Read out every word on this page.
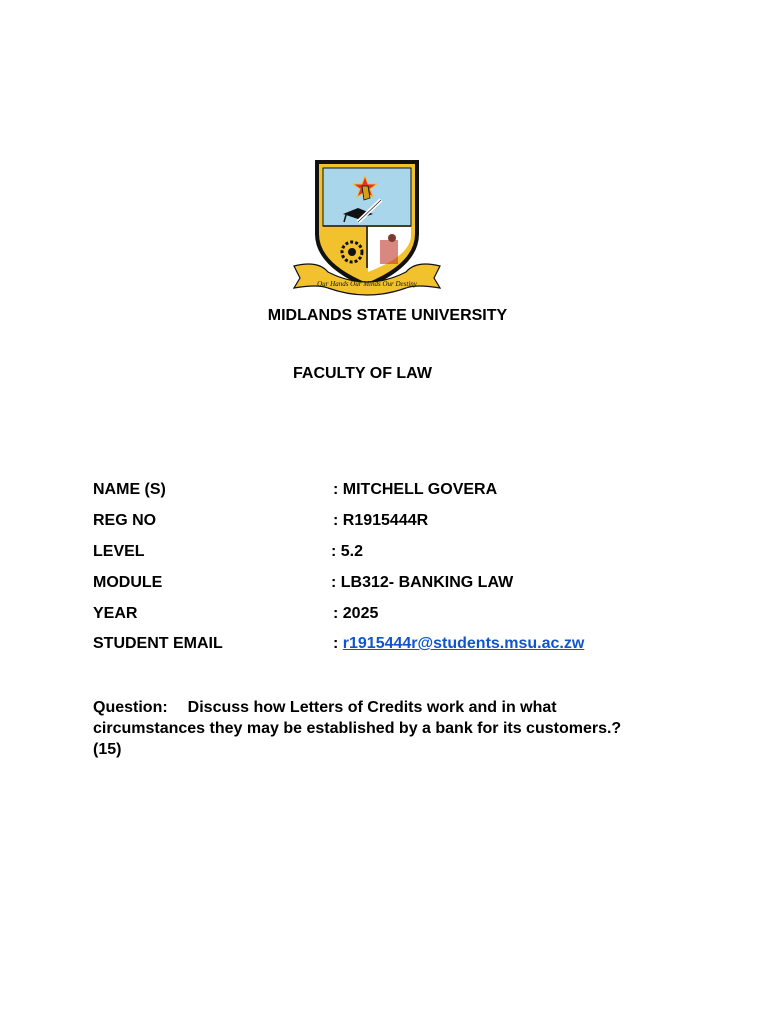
Our Hands Our Minds Our Destiny
MIDLANDS STATE UNIVERSITY
FACULTY OF LAW
NAME (S)	: MITCHELL GOVERA
REG NO	: R1915444R
LEVEL	: 5.2
MODULE	: LB312- BANKING LAW
YEAR	: 2025
STUDENT EMAIL	: r1915444r@students.msu.ac.zw
Question: Discuss how Letters of Credits work and in what circumstances they may be established by a bank for its customers.? (15)
